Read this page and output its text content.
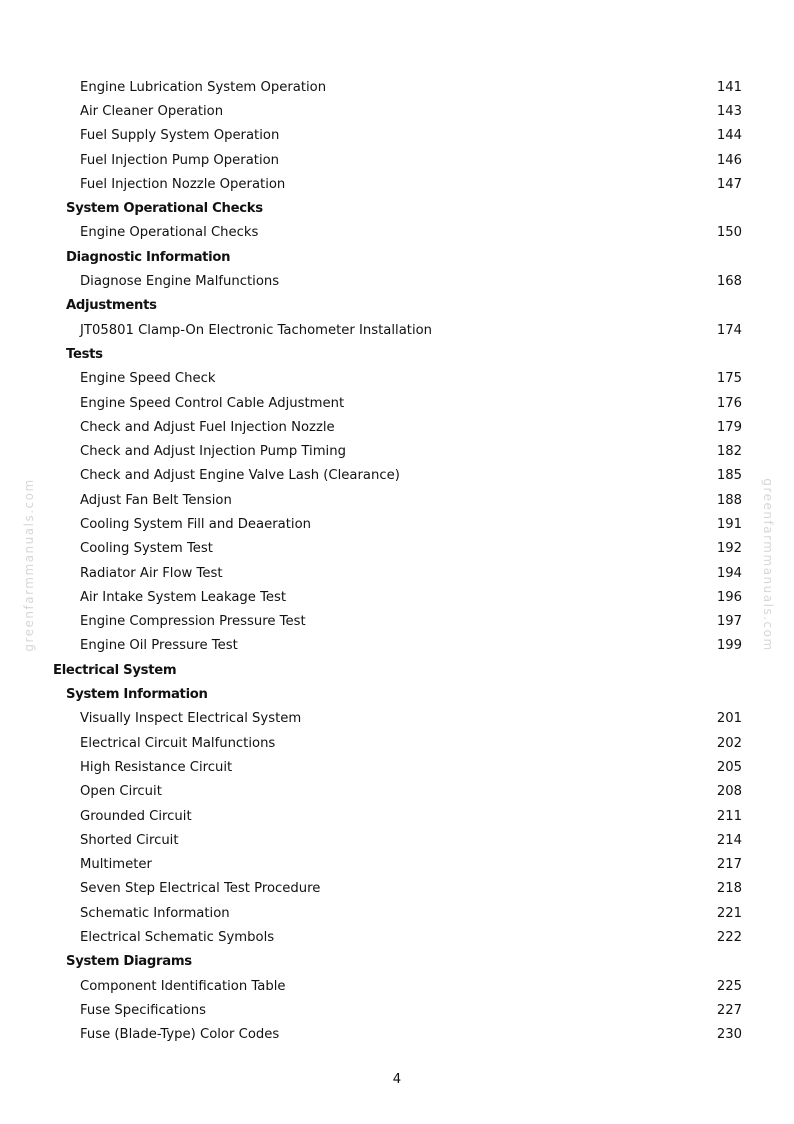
greenfarmmanuals.com	greenfarmmanuals.com
Engine Lubrication System Operation	141
Air Cleaner Operation	143
Fuel Supply System Operation	144
Fuel Injection Pump Operation	146
Fuel Injection Nozzle Operation	147
System Operational Checks
Engine Operational Checks	150
Diagnostic Information
Diagnose Engine Malfunctions	168
Adjustments
JT05801 Clamp-On Electronic Tachometer Installation	174
Tests
Engine Speed Check	175
Engine Speed Control Cable Adjustment	176
Check and Adjust Fuel Injection Nozzle	179
Check and Adjust Injection Pump Timing	182
Check and Adjust Engine Valve Lash (Clearance)	185
Adjust Fan Belt Tension	188
Cooling System Fill and Deaeration	191
Cooling System Test	192
Radiator Air Flow Test	194
Air Intake System Leakage Test	196
Engine Compression Pressure Test	197
Engine Oil Pressure Test	199
Electrical System
System Information
Visually Inspect Electrical System	201
Electrical Circuit Malfunctions	202
High Resistance Circuit	205
Open Circuit	208
Grounded Circuit	211
Shorted Circuit	214
Multimeter	217
Seven Step Electrical Test Procedure	218
Schematic Information	221
Electrical Schematic Symbols	222
System Diagrams
Component Identification Table	225
Fuse Specifications	227
Fuse (Blade-Type) Color Codes	230
4
